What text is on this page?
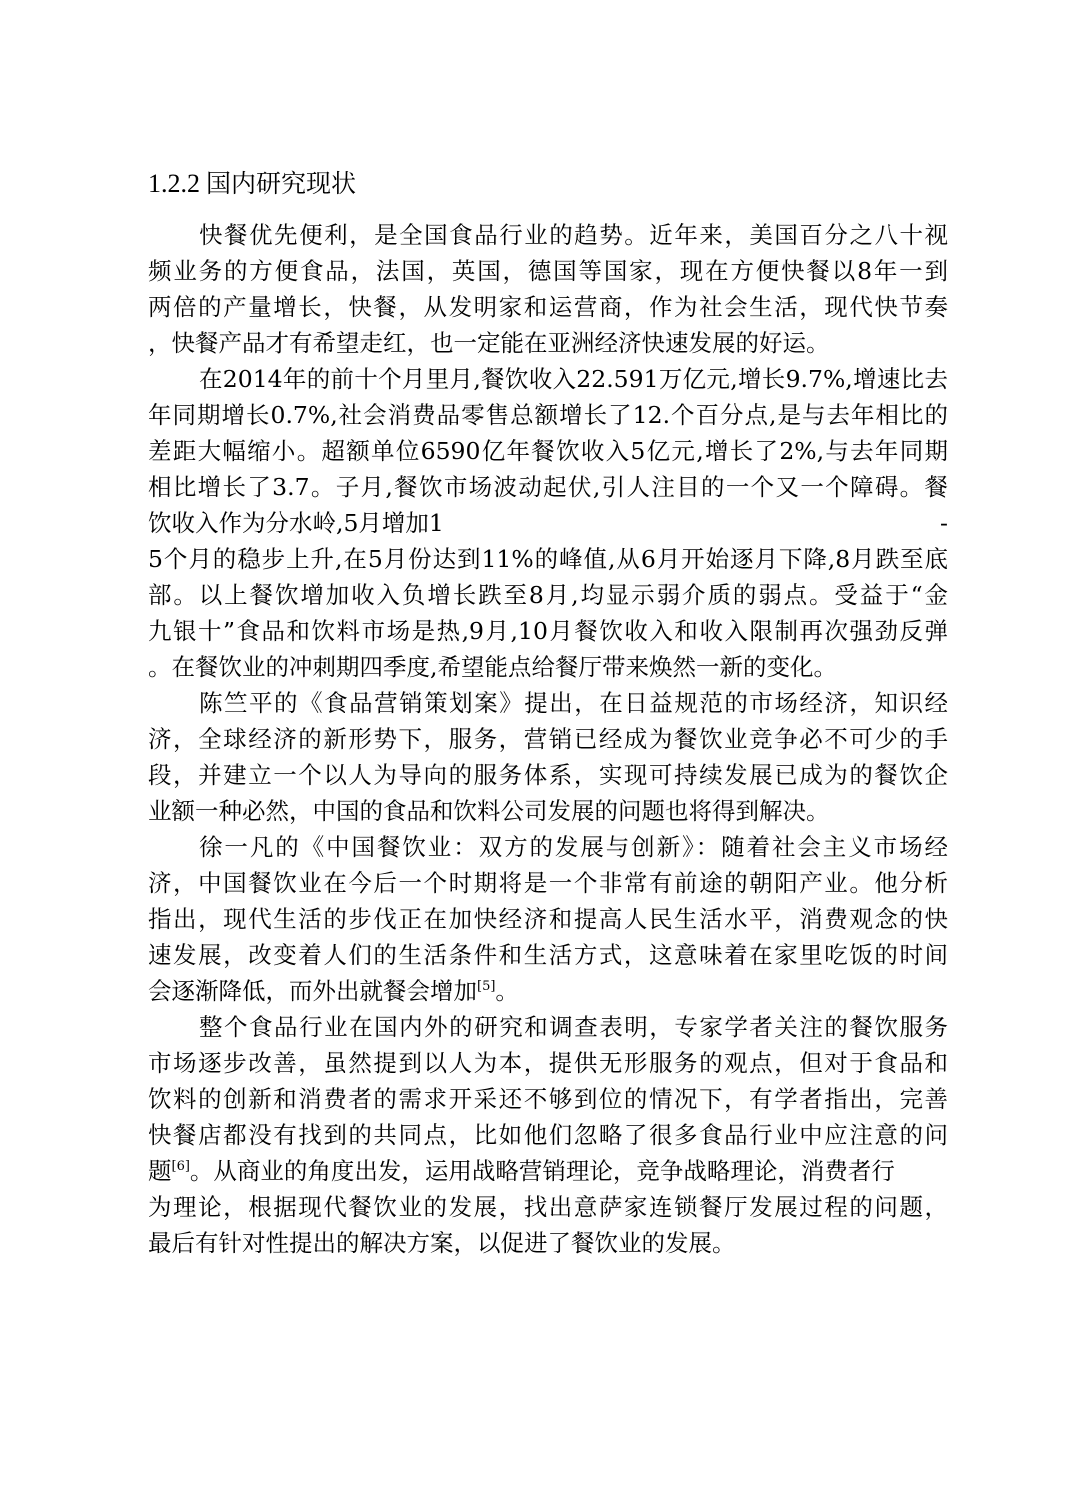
1.2.2 国内研究现状
快餐优先便利，是全国食品行业的趋势。近年来，美国百分之八十视
频业务的方便食品，法国，英国，德国等国家，现在方便快餐以8年一到
两倍的产量增长，快餐，从发明家和运营商，作为社会生活，现代快节奏
，快餐产品才有希望走红，也一定能在亚洲经济快速发展的好运。
在2014年的前十个月里月,餐饮收入22.591万亿元,增长9.7%,增速比去
年同期增长0.7%,社会消费品零售总额增长了12.个百分点,是与去年相比的
差距大幅缩小。超额单位6590亿年餐饮收入5亿元,增长了2%,与去年同期
相比增长了3.7。子月,餐饮市场波动起伏,引人注目的一个又一个障碍。餐
饮收入作为分水岭,5月增加1	-
5个月的稳步上升,在5月份达到11%的峰值,从6月开始逐月下降,8月跌至底
部。以上餐饮增加收入负增长跌至8月,均显示弱介质的弱点。受益于“金
九银十”食品和饮料市场是热,9月,10月餐饮收入和收入限制再次强劲反弹
。在餐饮业的冲刺期四季度,希望能点给餐厅带来焕然一新的变化。
陈竺平的《食品营销策划案》提出，在日益规范的市场经济，知识经
济，全球经济的新形势下，服务，营销已经成为餐饮业竞争必不可少的手
段，并建立一个以人为导向的服务体系，实现可持续发展已成为的餐饮企
业额一种必然，中国的食品和饮料公司发展的问题也将得到解决。
徐一凡的《中国餐饮业：双方的发展与创新》：随着社会主义市场经
济，中国餐饮业在今后一个时期将是一个非常有前途的朝阳产业。他分析
指出，现代生活的步伐正在加快经济和提高人民生活水平，消费观念的快
速发展，改变着人们的生活条件和生活方式，这意味着在家里吃饭的时间
会逐渐降低，而外出就餐会增加[5]。
整个食品行业在国内外的研究和调查表明，专家学者关注的餐饮服务
市场逐步改善，虽然提到以人为本，提供无形服务的观点，但对于食品和
饮料的创新和消费者的需求开采还不够到位的情况下，有学者指出，完善
快餐店都没有找到的共同点，比如他们忽略了很多食品行业中应注意的问
题[6]。从商业的角度出发，运用战略营销理论，竞争战略理论，消费者行
为理论，根据现代餐饮业的发展，找出意萨家连锁餐厅发展过程的问题，
最后有针对性提出的解决方案，以促进了餐饮业的发展。
